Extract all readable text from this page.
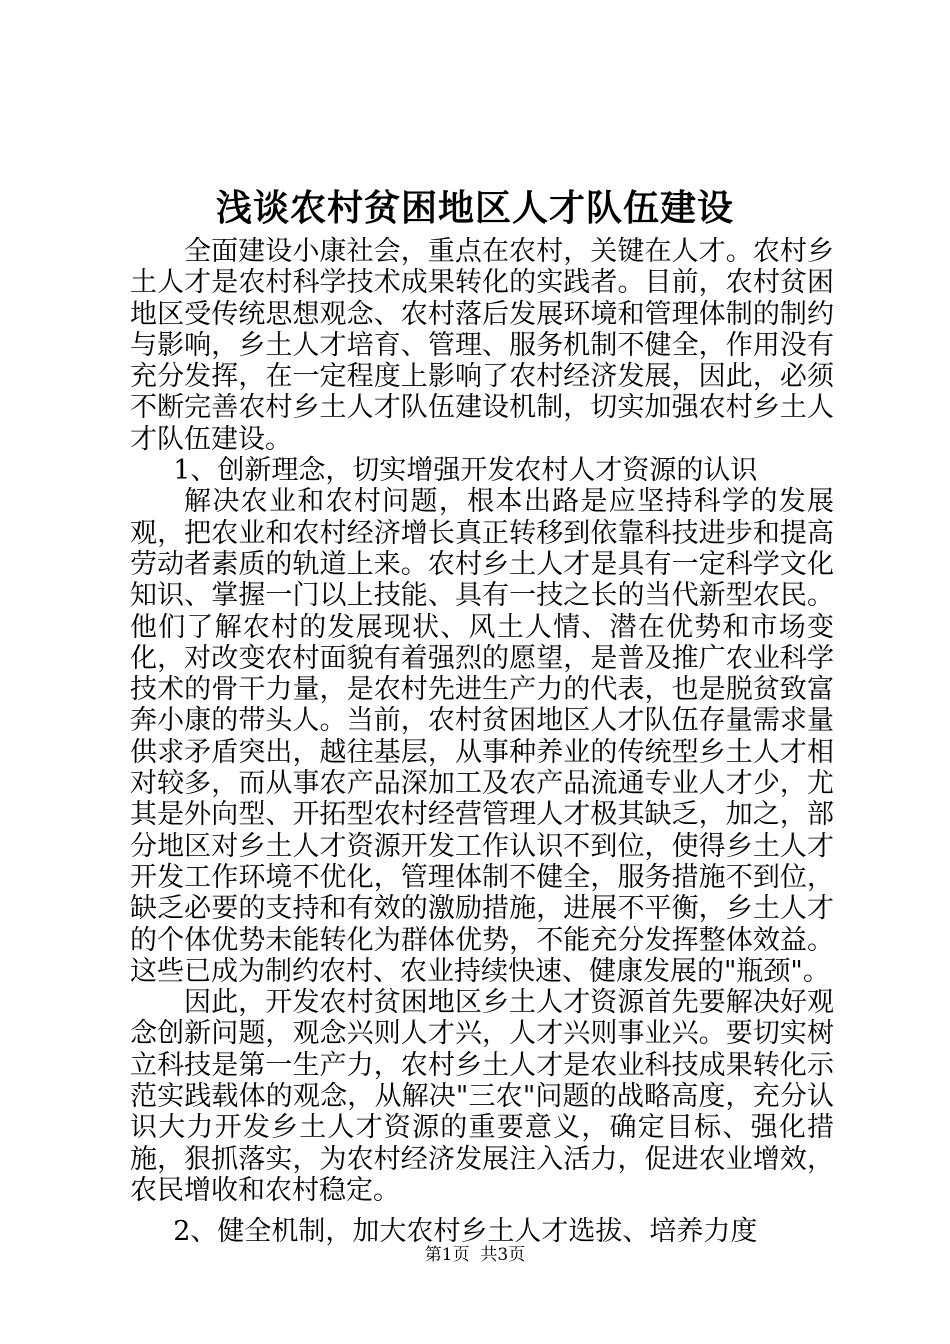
浅谈农村贫困地区人才队伍建设

全面建设小康社会，重点在农村，关键在人才。农村乡土人才是农村科学技术成果转化的实践者。目前，农村贫困地区受传统思想观念、农村落后发展环境和管理体制的制约与影响，乡土人才培育、管理、服务机制不健全，作用没有充分发挥，在一定程度上影响了农村经济发展，因此，必须不断完善农村乡土人才队伍建设机制，切实加强农村乡土人才队伍建设。

1、创新理念，切实增强开发农村人才资源的认识

解决农业和农村问题，根本出路是应坚持科学的发展观，把农业和农村经济增长真正转移到依靠科技进步和提高劳动者素质的轨道上来。农村乡土人才是具有一定科学文化知识、掌握一门以上技能、具有一技之长的当代新型农民。他们了解农村的发展现状、风土人情、潜在优势和市场变化，对改变农村面貌有着强烈的愿望，是普及推广农业科学技术的骨干力量，是农村先进生产力的代表，也是脱贫致富奔小康的带头人。当前，农村贫困地区人才队伍存量需求量供求矛盾突出，越往基层，从事种养业的传统型乡土人才相对较多，而从事农产品深加工及农产品流通专业人才少，尤其是外向型、开拓型农村经营管理人才极其缺乏，加之，部分地区对乡土人才资源开发工作认识不到位，使得乡土人才开发工作环境不优化，管理体制不健全，服务措施不到位，缺乏必要的支持和有效的激励措施，进展不平衡，乡土人才的个体优势未能转化为群体优势，不能充分发挥整体效益。这些已成为制约农村、农业持续快速、健康发展的"瓶颈"。

因此，开发农村贫困地区乡土人才资源首先要解决好观念创新问题，观念兴则人才兴，人才兴则事业兴。要切实树立科技是第一生产力，农村乡土人才是农业科技成果转化示范实践载体的观念，从解决"三农"问题的战略高度，充分认识大力开发乡土人才资源的重要意义，确定目标、强化措施，狠抓落实，为农村经济发展注入活力，促进农业增效，农民增收和农村稳定。

2、健全机制，加大农村乡土人才选拔、培养力度

第1页  共3页
